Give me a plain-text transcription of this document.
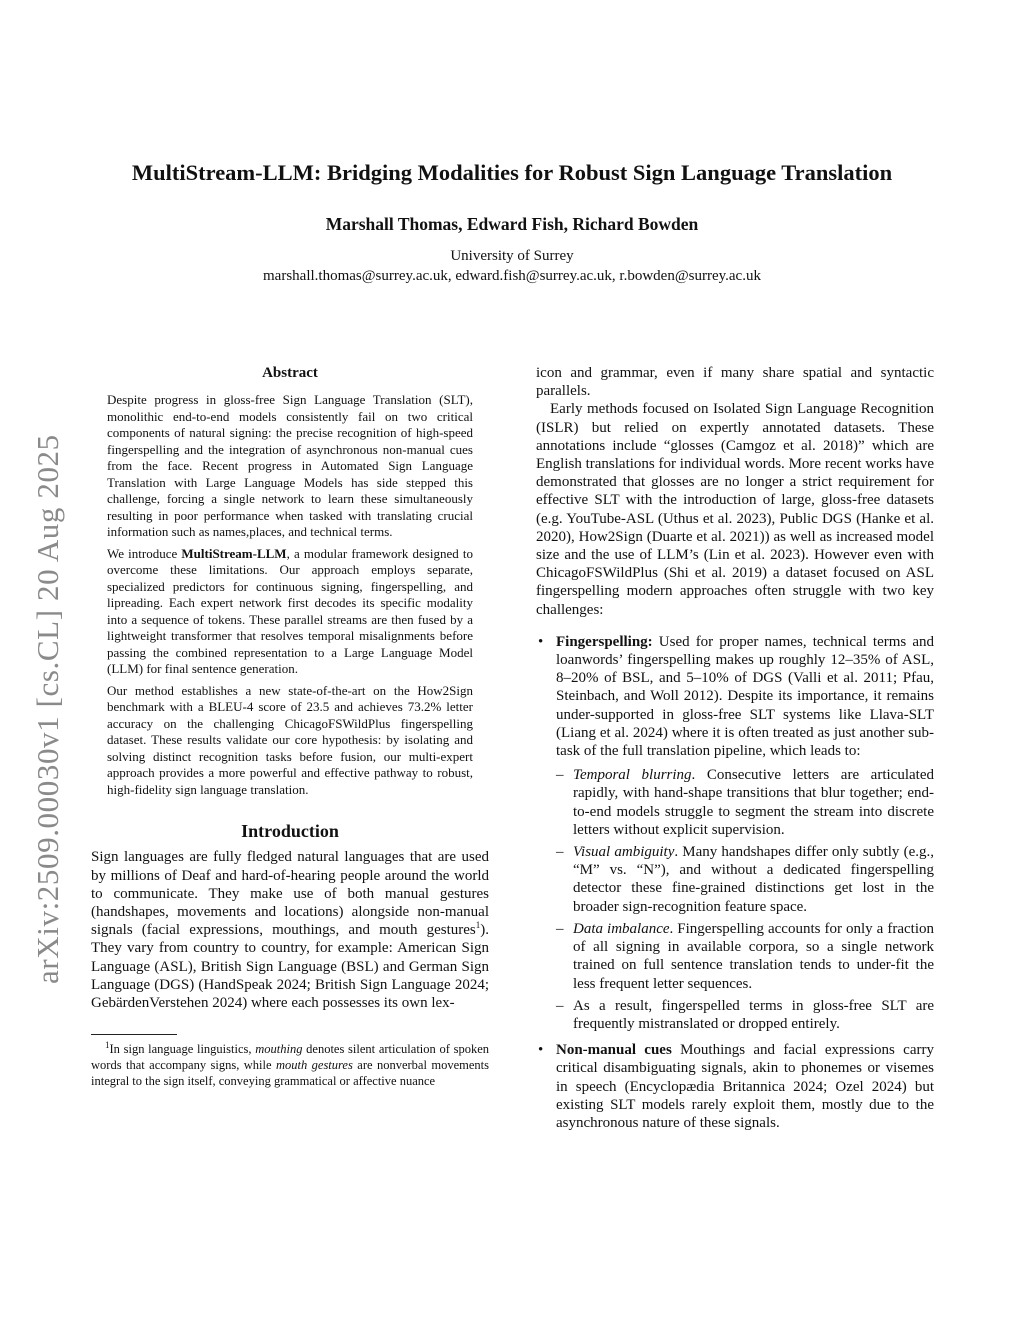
arXiv:2509.00030v1 [cs.CL] 20 Aug 2025
MultiStream-LLM: Bridging Modalities for Robust Sign Language Translation
Marshall Thomas, Edward Fish, Richard Bowden
University of Surrey
marshall.thomas@surrey.ac.uk, edward.fish@surrey.ac.uk, r.bowden@surrey.ac.uk
Abstract

Despite progress in gloss-free Sign Language Translation (SLT), monolithic end-to-end models consistently fail on two critical components of natural signing: the precise recognition of high-speed fingerspelling and the integration of asynchronous non-manual cues from the face. Recent progress in Automated Sign Language Translation with Large Language Models has side stepped this challenge, forcing a single network to learn these simultaneously resulting in poor performance when tasked with translating crucial information such as names,places, and technical terms.

We introduce MultiStream-LLM, a modular framework designed to overcome these limitations. Our approach employs separate, specialized predictors for continuous signing, fingerspelling, and lipreading. Each expert network first decodes its specific modality into a sequence of tokens. These parallel streams are then fused by a lightweight transformer that resolves temporal misalignments before passing the combined representation to a Large Language Model (LLM) for final sentence generation.

Our method establishes a new state-of-the-art on the How2Sign benchmark with a BLEU-4 score of 23.5 and achieves 73.2% letter accuracy on the challenging ChicagoFSWildPlus fingerspelling dataset. These results validate our core hypothesis: by isolating and solving distinct recognition tasks before fusion, our multi-expert approach provides a more powerful and effective pathway to robust, high-fidelity sign language translation.

Introduction

Sign languages are fully fledged natural languages that are used by millions of Deaf and hard-of-hearing people around the world to communicate. They make use of both manual gestures (handshapes, movements and locations) alongside non-manual signals (facial expressions, mouthings, and mouth gestures$^1$). They vary from country to country, for example: American Sign Language (ASL), British Sign Language (BSL) and German Sign Language (DGS) (HandSpeak 2024; British Sign Language 2024; GebärdenVerstehen 2024) where each possesses its own lex-

$^1$In sign language linguistics, mouthing denotes silent articulation of spoken words that accompany signs, while mouth gestures are nonverbal movements integral to the sign itself, conveying grammatical or affective nuance

icon and grammar, even if many share spatial and syntactic parallels.

Early methods focused on Isolated Sign Language Recognition (ISLR) but relied on expertly annotated datasets. These annotations include “glosses (Camgoz et al. 2018)” which are English translations for individual words. More recent works have demonstrated that glosses are no longer a strict requirement for effective SLT with the introduction of large, gloss-free datasets (e.g. YouTube-ASL (Uthus et al. 2023), Public DGS (Hanke et al. 2020), How2Sign (Duarte et al. 2021)) as well as increased model size and the use of LLM’s (Lin et al. 2023). However even with ChicagoFSWildPlus (Shi et al. 2019) a dataset focused on ASL fingerspelling modern approaches often struggle with two key challenges:

• Fingerspelling: Used for proper names, technical terms and loanwords’ fingerspelling makes up roughly 12–35% of ASL, 8–20% of BSL, and 5–10% of DGS (Valli et al. 2011; Pfau, Steinbach, and Woll 2012). Despite its importance, it remains under-supported in gloss-free SLT systems like Llava-SLT (Liang et al. 2024) where it is often treated as just another sub-task of the full translation pipeline, which leads to:
– Temporal blurring. Consecutive letters are articulated rapidly, with hand-shape transitions that blur together; end-to-end models struggle to segment the stream into discrete letters without explicit supervision.
– Visual ambiguity. Many handshapes differ only subtly (e.g., “M” vs. “N”), and without a dedicated fingerspelling detector these fine-grained distinctions get lost in the broader sign-recognition feature space.
– Data imbalance. Fingerspelling accounts for only a fraction of all signing in available corpora, so a single network trained on full sentence translation tends to under-fit the less frequent letter sequences.
– As a result, fingerspelled terms in gloss-free SLT are frequently mistranslated or dropped entirely.
• Non-manual cues Mouthings and facial expressions carry critical disambiguating signals, akin to phonemes or visemes in speech (Encyclopædia Britannica 2024; Ozel 2024) but existing SLT models rarely exploit them, mostly due to the asynchronous nature of these signals.
